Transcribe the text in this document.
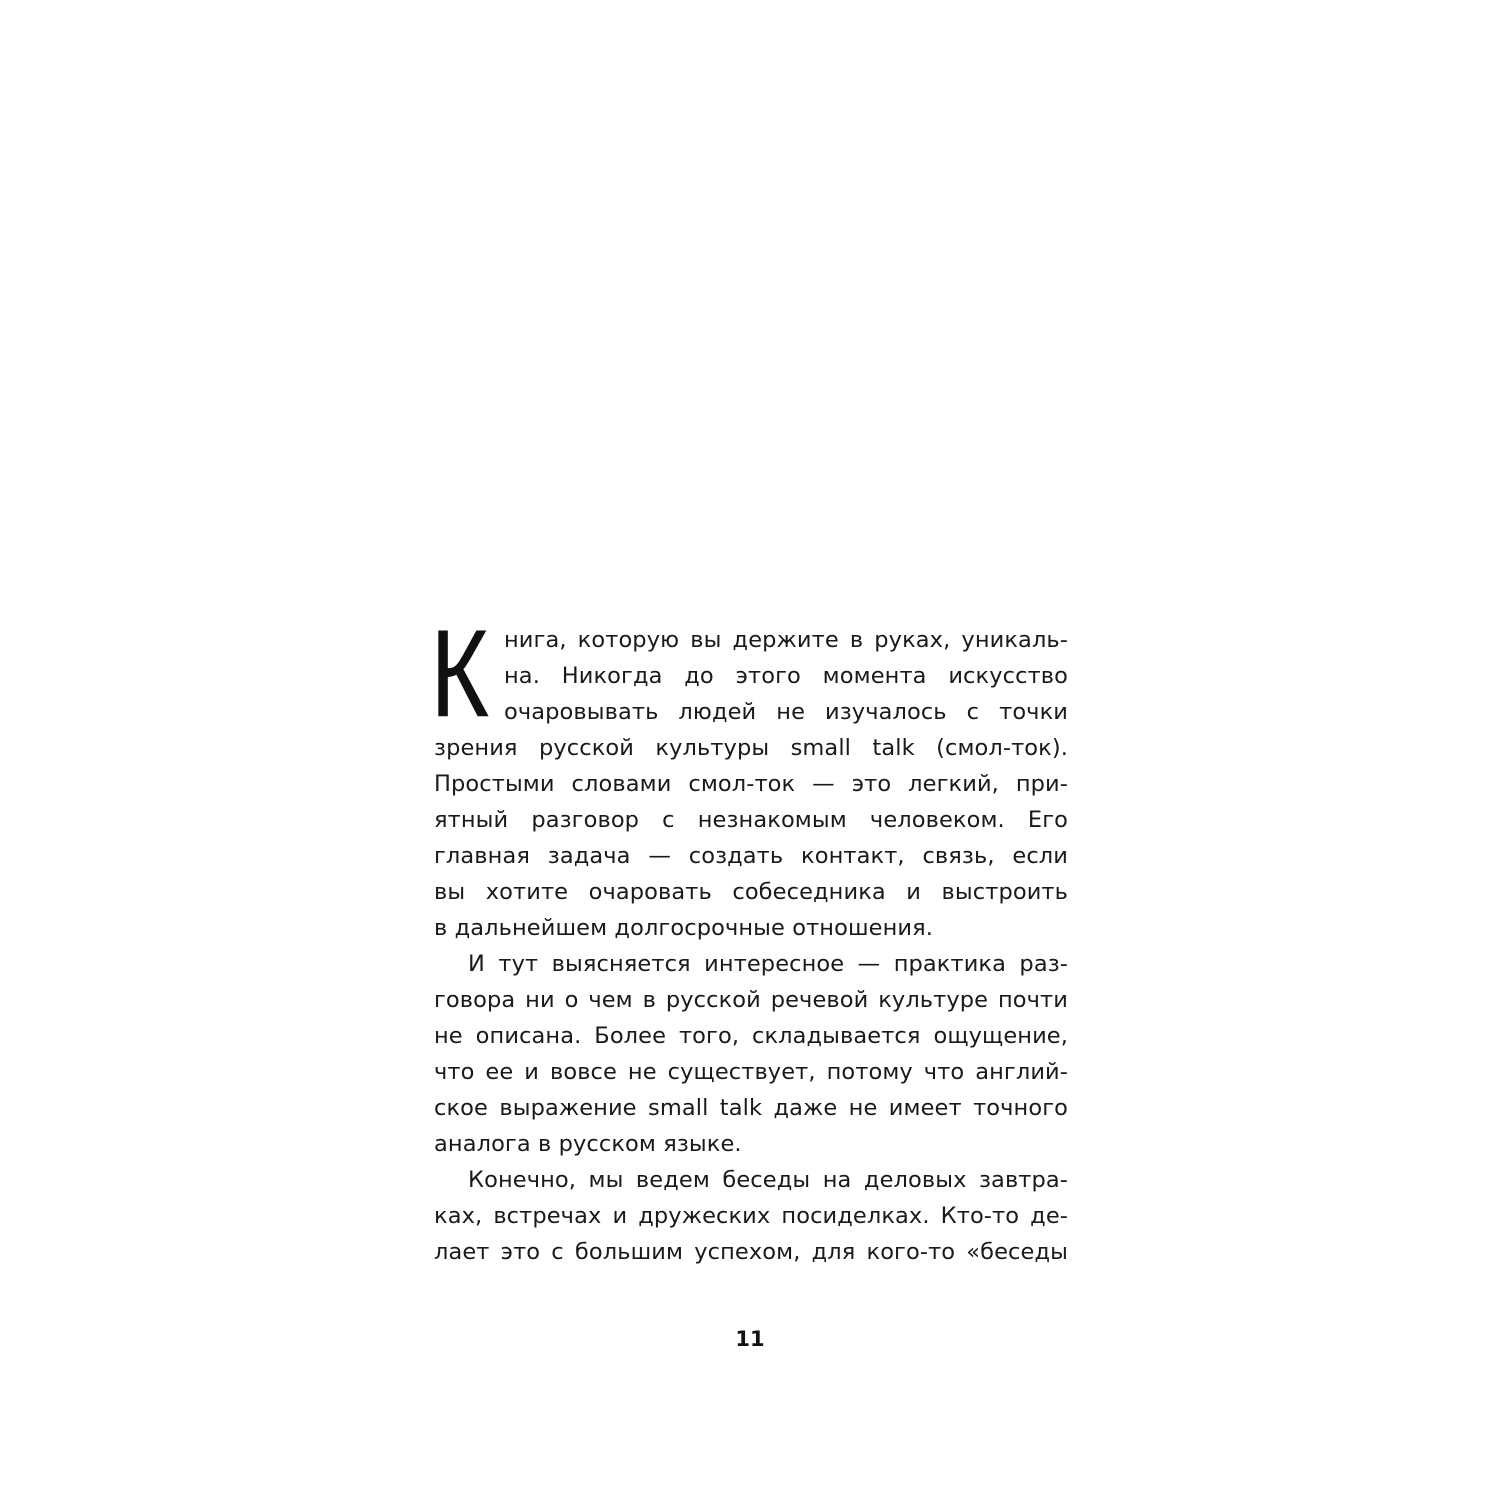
К нига, которую вы держите в руках, уникаль-
на. Никогда до этого момента искусство
очаровывать людей не изучалось с точки
зрения русской культуры small talk (смол-ток).
Простыми словами смол-ток — это легкий, при-
ятный разговор с незнакомым человеком. Его
главная задача — создать контакт, связь, если
вы хотите очаровать собеседника и выстроить
в дальнейшем долгосрочные отношения.
И тут выясняется интересное — практика раз-
говора ни о чем в русской речевой культуре почти
не описана. Более того, складывается ощущение,
что ее и вовсе не существует, потому что англий-
ское выражение small talk даже не имеет точного
аналога в русском языке.
Конечно, мы ведем беседы на деловых завтра-
ках, встречах и дружеских посиделках. Кто-то де-
лает это с большим успехом, для кого-то «беседы
11
